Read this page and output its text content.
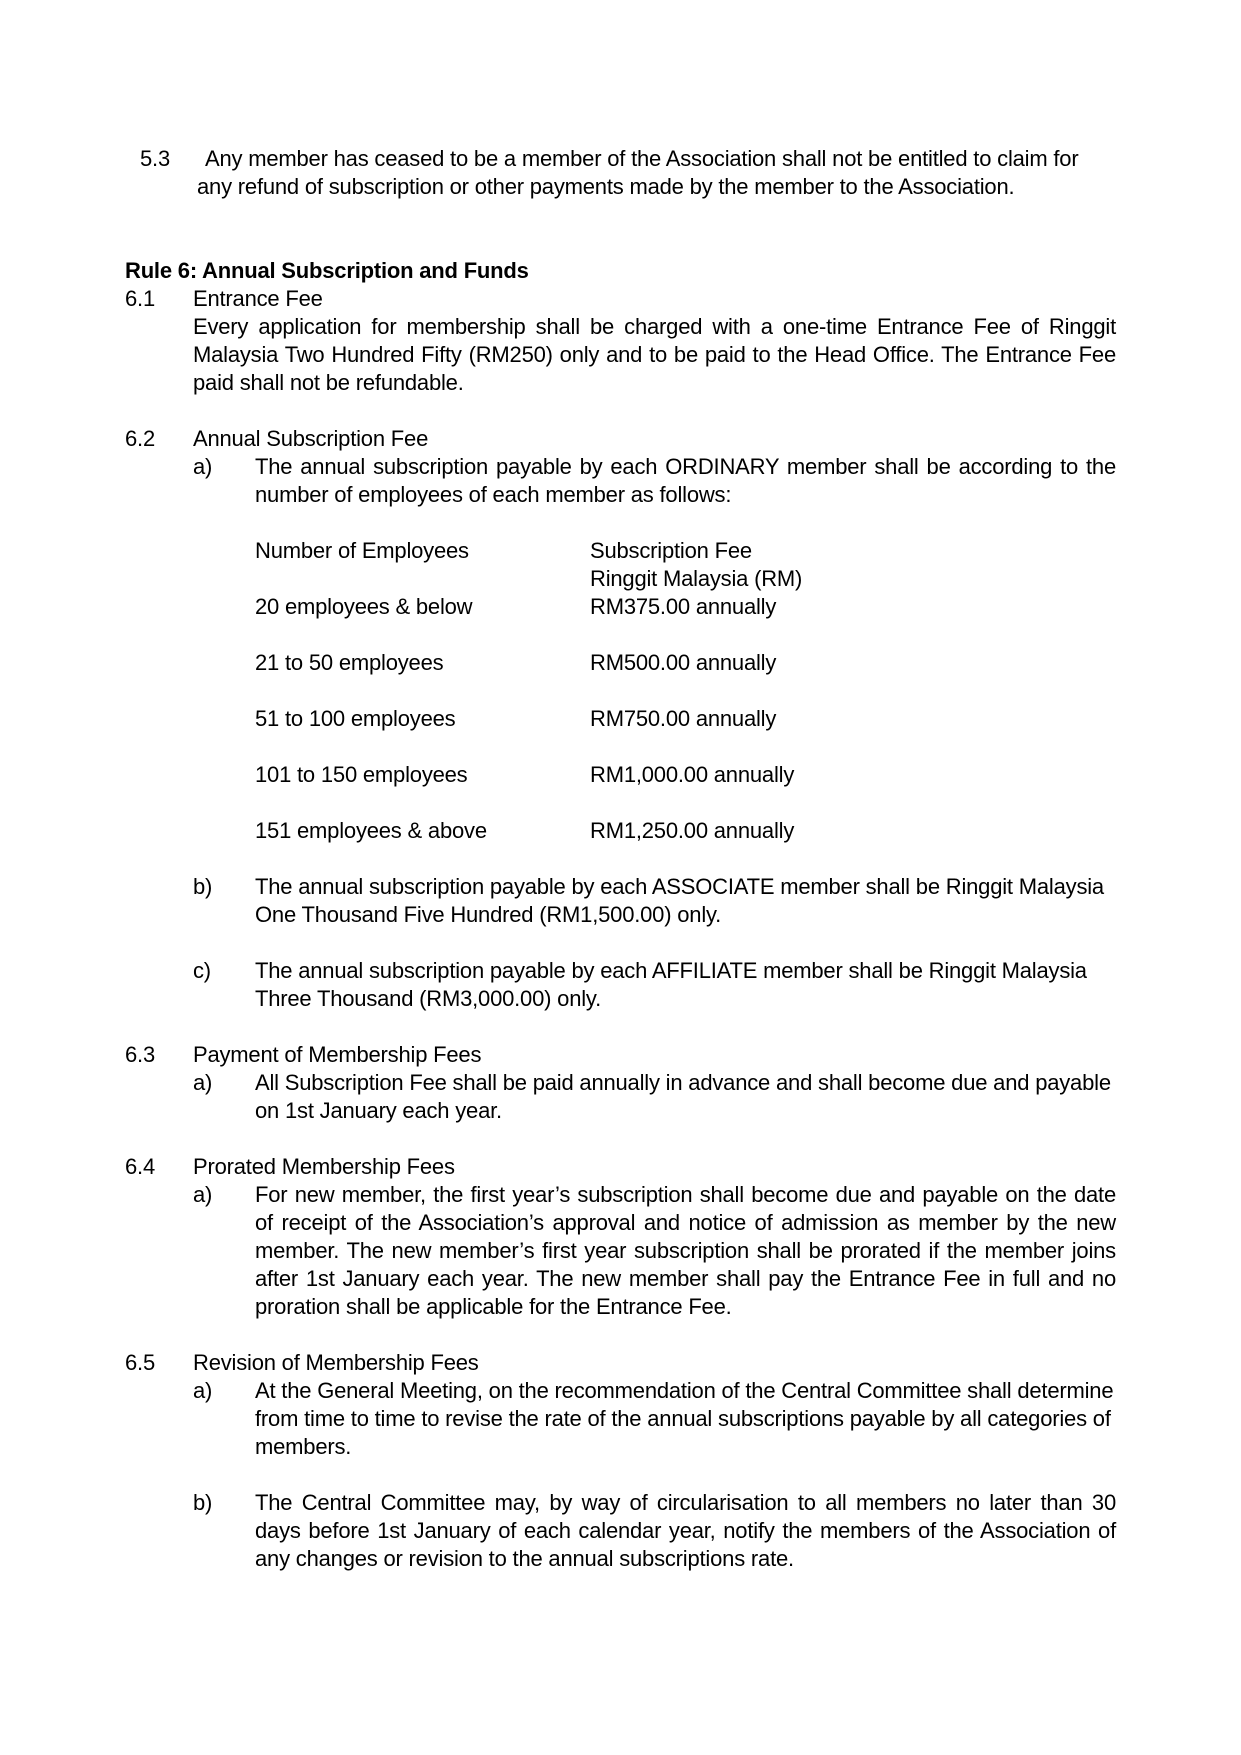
5.3	Any member has ceased to be a member of the Association shall not be entitled to claim for any refund of subscription or other payments made by the member to the Association.
Rule 6: Annual Subscription and Funds
6.1	Entrance Fee
Every application for membership shall be charged with a one-time Entrance Fee of Ringgit Malaysia Two Hundred Fifty (RM250) only and to be paid to the Head Office. The Entrance Fee paid shall not be refundable.
6.2	Annual Subscription Fee
a)	The annual subscription payable by each ORDINARY member shall be according to the number of employees of each member as follows:
Number of Employees	Subscription Fee
Ringgit Malaysia (RM)
20 employees & below	RM375.00 annually
21 to 50 employees	RM500.00 annually
51 to 100 employees	RM750.00 annually
101 to 150 employees	RM1,000.00 annually
151 employees & above	RM1,250.00 annually
b)	The annual subscription payable by each ASSOCIATE member shall be Ringgit Malaysia One Thousand Five Hundred (RM1,500.00) only.
c)	The annual subscription payable by each AFFILIATE member shall be Ringgit Malaysia Three Thousand (RM3,000.00) only.
6.3	Payment of Membership Fees
a)	All Subscription Fee shall be paid annually in advance and shall become due and payable on 1st January each year.
6.4	Prorated Membership Fees
a)	For new member, the first year’s subscription shall become due and payable on the date of receipt of the Association’s approval and notice of admission as member by the new member. The new member’s first year subscription shall be prorated if the member joins after 1st January each year. The new member shall pay the Entrance Fee in full and no proration shall be applicable for the Entrance Fee.
6.5	Revision of Membership Fees
a)	At the General Meeting, on the recommendation of the Central Committee shall determine from time to time to revise the rate of the annual subscriptions payable by all categories of members.
b)	The Central Committee may, by way of circularisation to all members no later than 30 days before 1st January of each calendar year, notify the members of the Association of any changes or revision to the annual subscriptions rate.
